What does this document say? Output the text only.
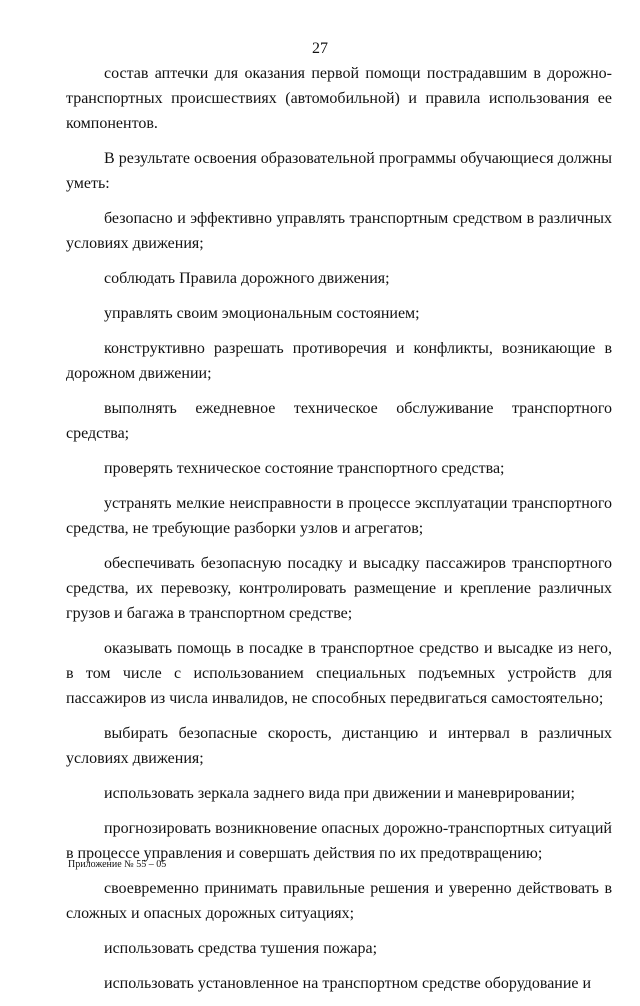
27

состав аптечки для оказания первой помощи пострадавшим в дорожно-транспортных происшествиях (автомобильной) и правила использования ее компонентов.

В результате освоения образовательной программы обучающиеся должны уметь:

безопасно и эффективно управлять транспортным средством в различных условиях движения;

соблюдать Правила дорожного движения;

управлять своим эмоциональным состоянием;

конструктивно разрешать противоречия и конфликты, возникающие в дорожном движении;

выполнять ежедневное техническое обслуживание транспортного средства;

проверять техническое состояние транспортного средства;

устранять мелкие неисправности в процессе эксплуатации транспортного средства, не требующие разборки узлов и агрегатов;

обеспечивать безопасную посадку и высадку пассажиров транспортного средства, их перевозку, контролировать размещение и крепление различных грузов и багажа в транспортном средстве;

оказывать помощь в посадке в транспортное средство и высадке из него, в том числе с использованием специальных подъемных устройств для пассажиров из числа инвалидов, не способных передвигаться самостоятельно;

выбирать безопасные скорость, дистанцию и интервал в различных условиях движения;

использовать зеркала заднего вида при движении и маневрировании;

прогнозировать возникновение опасных дорожно-транспортных ситуаций в процессе управления и совершать действия по их предотвращению;

своевременно принимать правильные решения и уверенно действовать в сложных и опасных дорожных ситуациях;

использовать средства тушения пожара;

использовать установленное на транспортном средстве оборудование и

Приложение № 55 – 05
